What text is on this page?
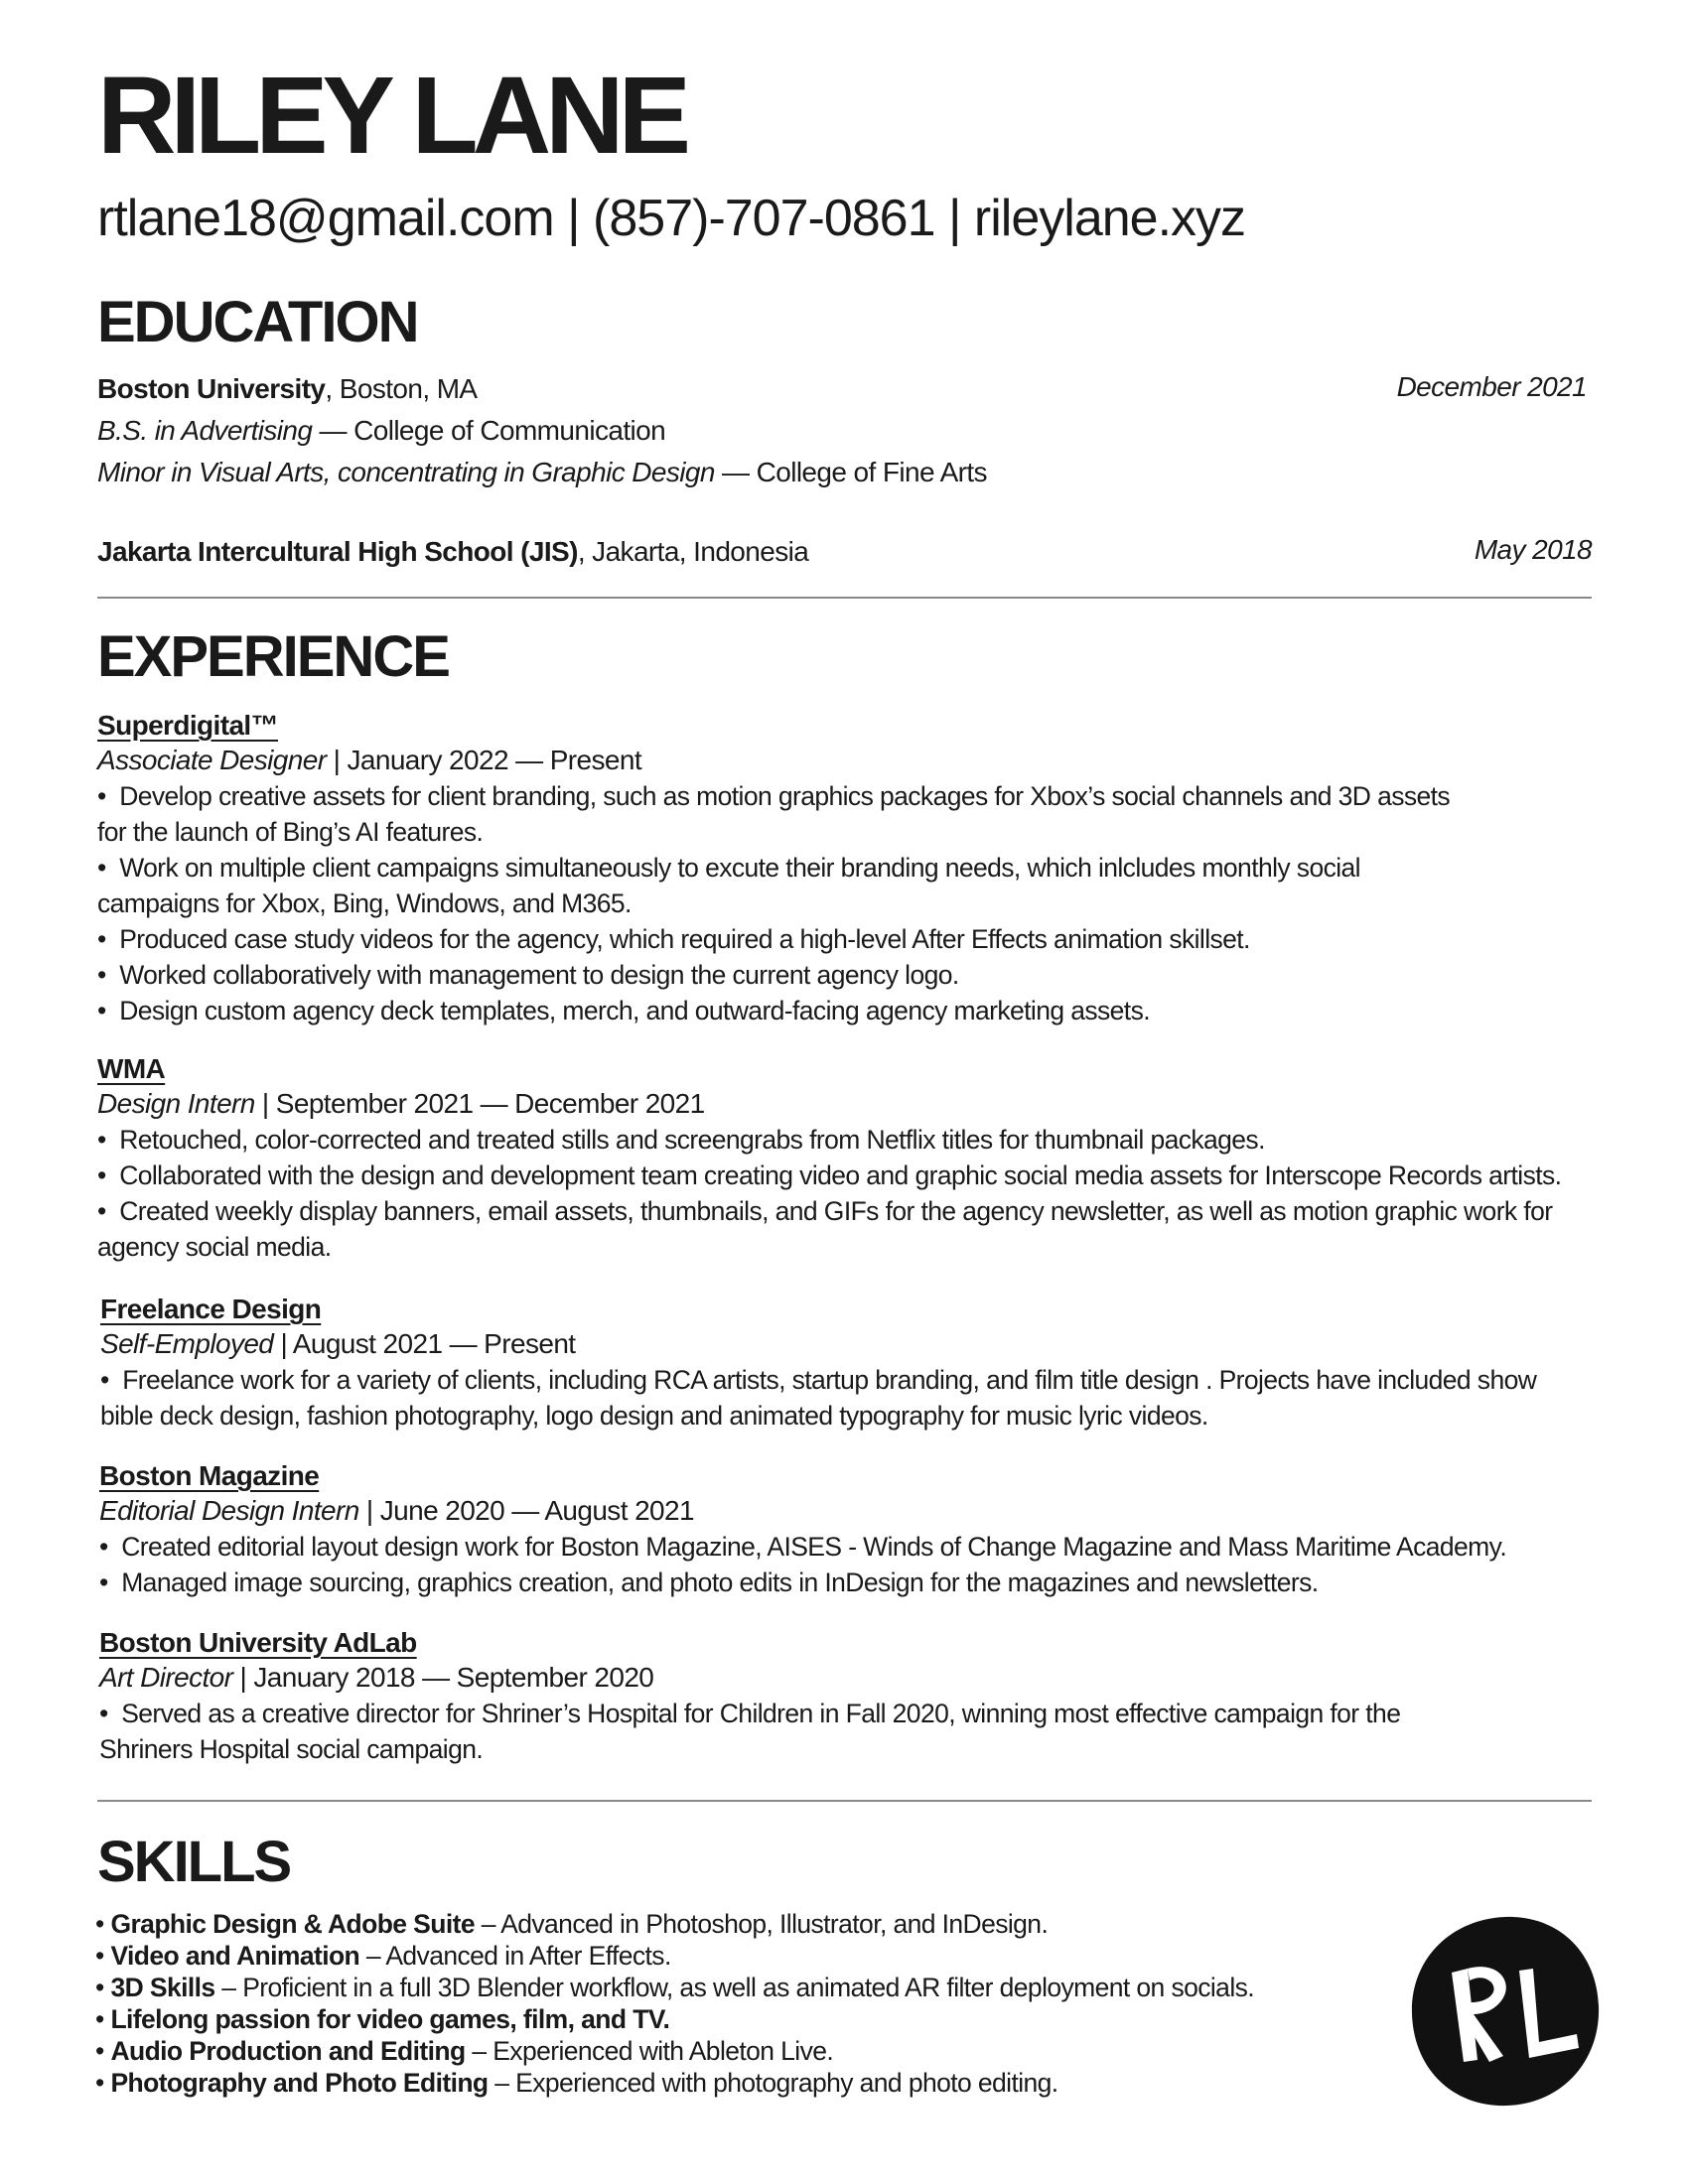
RILEY LANE
rtlane18@gmail.com | (857)-707-0861 | rileylane.xyz
EDUCATION
Boston University, Boston, MA	December 2021
B.S. in Advertising — College of Communication
Minor in Visual Arts, concentrating in Graphic Design — College of Fine Arts
Jakarta Intercultural High School (JIS), Jakarta, Indonesia	May 2018
EXPERIENCE
Superdigital™
Associate Designer | January 2022 — Present
•  Develop creative assets for client branding, such as motion graphics packages for Xbox’s social channels and 3D assets
for the launch of Bing’s AI features.
•  Work on multiple client campaigns simultaneously to excute their branding needs, which inlcludes monthly social
campaigns for Xbox, Bing, Windows, and M365.
•  Produced case study videos for the agency, which required a high-level After Effects animation skillset.
•  Worked collaboratively with management to design the current agency logo.
•  Design custom agency deck templates, merch, and outward-facing agency marketing assets.
WMA
Design Intern | September 2021 — December 2021
•  Retouched, color-corrected and treated stills and screengrabs from Netflix titles for thumbnail packages.
•  Collaborated with the design and development team creating video and graphic social media assets for Interscope Records artists.
•  Created weekly display banners, email assets, thumbnails, and GIFs for the agency newsletter, as well as motion graphic work for
agency social media.
Freelance Design
Self-Employed | August 2021 — Present
•  Freelance work for a variety of clients, including RCA artists, startup branding, and film title design . Projects have included show
bible deck design, fashion photography, logo design and animated typography for music lyric videos.
Boston Magazine
Editorial Design Intern | June 2020 — August 2021
•  Created editorial layout design work for Boston Magazine, AISES - Winds of Change Magazine and Mass Maritime Academy.
•  Managed image sourcing, graphics creation, and photo edits in InDesign for the magazines and newsletters.
Boston University AdLab
Art Director | January 2018 — September 2020
•  Served as a creative director for Shriner’s Hospital for Children in Fall 2020, winning most effective campaign for the
Shriners Hospital social campaign.
SKILLS
• Graphic Design & Adobe Suite – Advanced in Photoshop, Illustrator, and InDesign.
• Video and Animation – Advanced in After Effects.
• 3D Skills – Proficient in a full 3D Blender workflow, as well as animated AR filter deployment on socials.
• Lifelong passion for video games, film, and TV.
• Audio Production and Editing – Experienced with Ableton Live.
• Photography and Photo Editing – Experienced with photography and photo editing.
